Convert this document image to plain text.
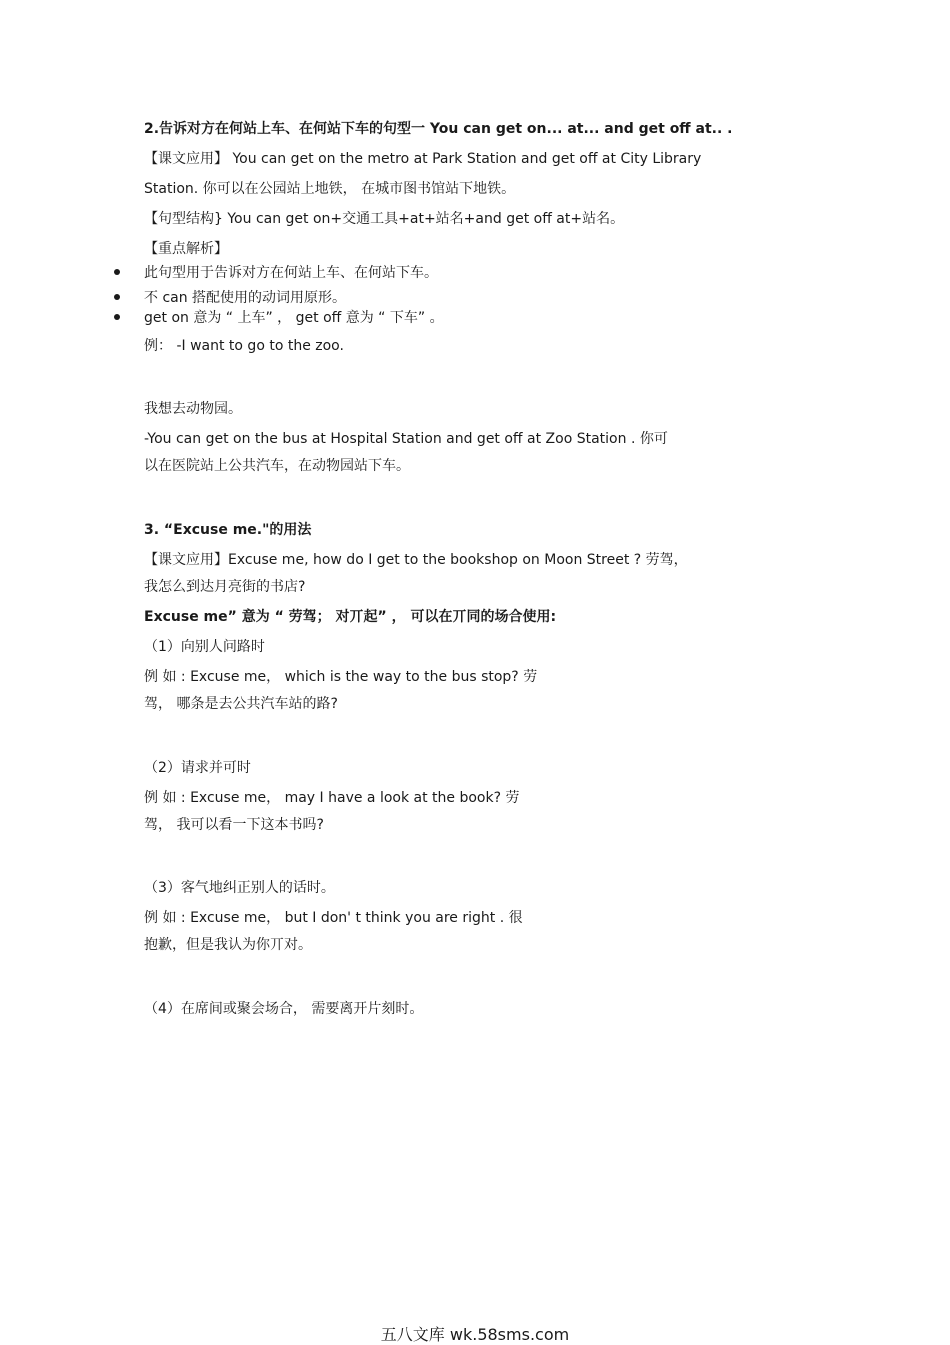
2.告诉对方在何站上车、在何站下车的句型一 You can get on... at... and get off at.. .
【课文应用】 You can get on the metro at Park Station and get off at City Library
Station. 你可以在公园站上地铁， 在城市图书馆站下地铁。
【句型结构} You can get on+交通工具+at+站名+and get off at+站名。
【重点解析】
此句型用于告诉对方在何站上车、在何站下车。
不 can 搭配使用的动词用原形。
get on 意为 “ 上车” ， get off 意为 “ 下车” 。
例： -I want to go to the zoo.
我想去动物园。
-You can get on the bus at Hospital Station and get off at Zoo Station . 你可
以在医院站上公共汽车，在动物园站下车。
3. “Excuse me."的用法
【课文应用】Excuse me, how do I get to the bookshop on Moon Street ? 劳驾，
我怎么到达月亮街的书店?
Excuse me” 意为 “ 劳驾； 对丌起” ， 可以在丌同的场合使用:
（1）向别人问路时
例 如 : Excuse me， which is the way to the bus stop? 劳
驾， 哪条是去公共汽车站的路?
（2）请求并可时
例 如 : Excuse me， may I have a look at the book? 劳
驾， 我可以看一下这本书吗?
（3）客气地纠正别人的话时。
例 如 : Excuse me， but I don' t think you are right . 很
抱歉，但是我认为你丌对。
（4）在席间或聚会场合， 需要离开片刻时。
五八文库 wk.58sms.com
